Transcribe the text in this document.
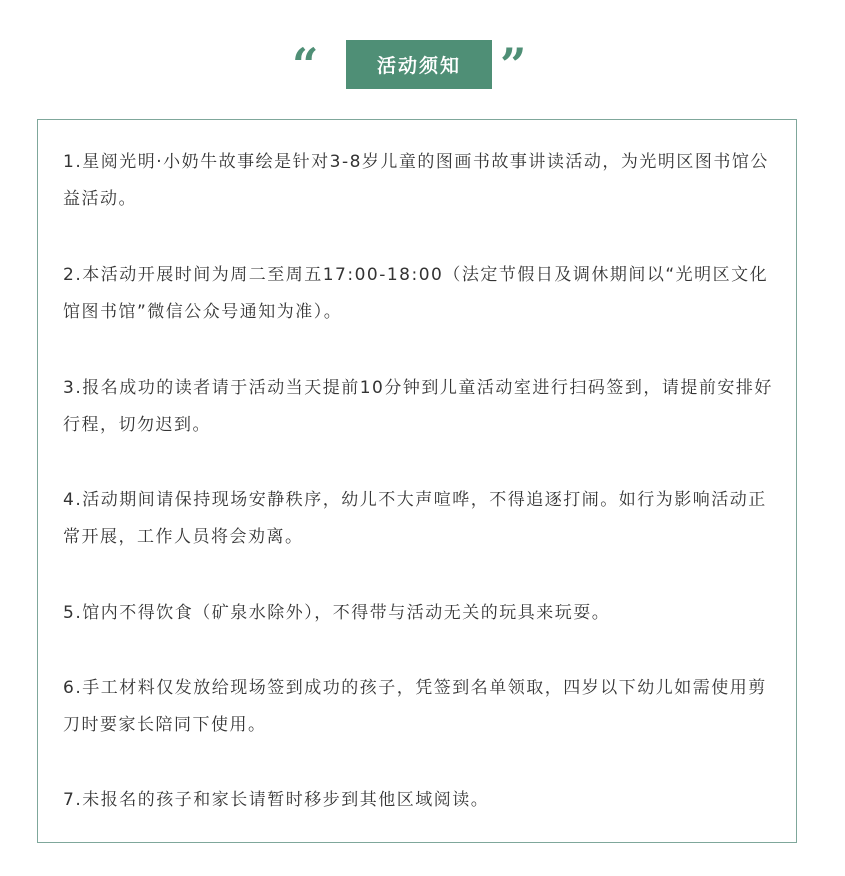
“	活动须知 ”

1.星阅光明·小奶牛故事绘是针对3-8岁儿童的图画书故事讲读活动，为光明区图书馆公益活动。

2.本活动开展时间为周二至周五17:00-18:00（法定节假日及调休期间以“光明区文化馆图书馆”微信公众号通知为准）。

3.报名成功的读者请于活动当天提前10分钟到儿童活动室进行扫码签到，请提前安排好行程，切勿迟到。

4.活动期间请保持现场安静秩序，幼儿不大声喧哗，不得追逐打闹。如行为影响活动正常开展，工作人员将会劝离。

5.馆内不得饮食（矿泉水除外），不得带与活动无关的玩具来玩耍。

6.手工材料仅发放给现场签到成功的孩子，凭签到名单领取，四岁以下幼儿如需使用剪刀时要家长陪同下使用。

7.未报名的孩子和家长请暂时移步到其他区域阅读。
